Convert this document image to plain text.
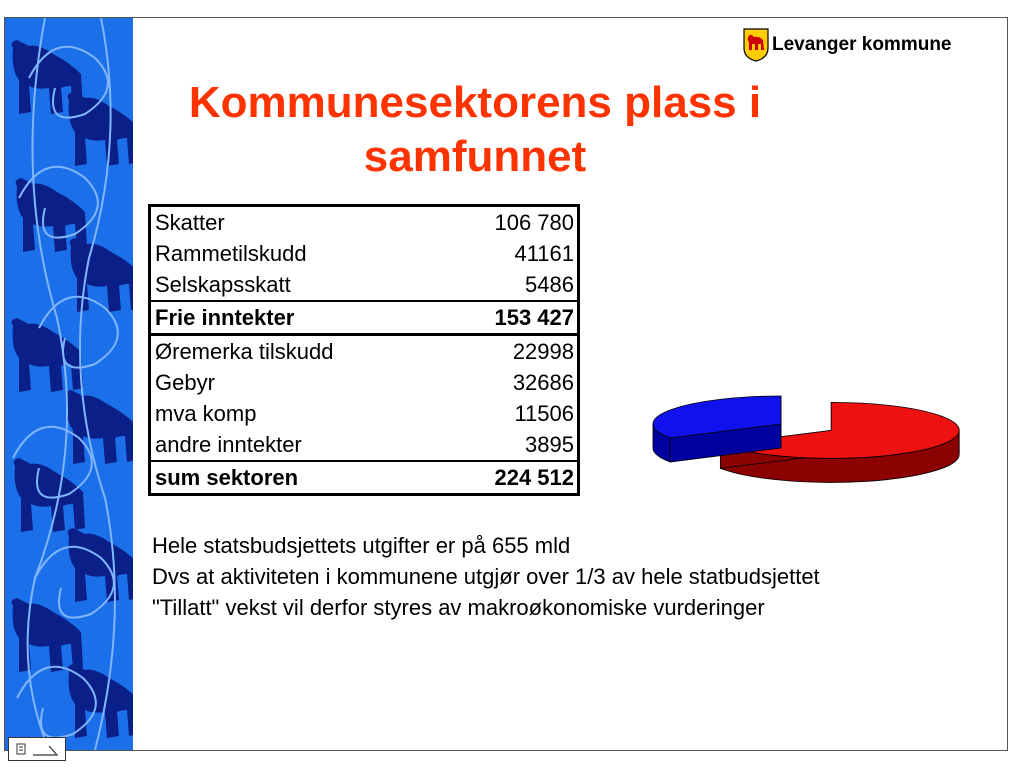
Levanger kommune
Kommunesektorens plass i samfunnet
Skatter	106 780
Rammetilskudd	41161
Selskapsskatt	5486
Frie inntekter	153 427
Øremerka tilskudd	22998
Gebyr	32686
mva komp	11506
andre inntekter	3895
sum sektoren	224 512
Hele statsbudsjettets utgifter er på 655 mld
Dvs at aktiviteten i kommunene utgjør over 1/3 av hele statbudsjettet
"Tillatt" vekst vil derfor styres av makroøkonomiske vurderinger
